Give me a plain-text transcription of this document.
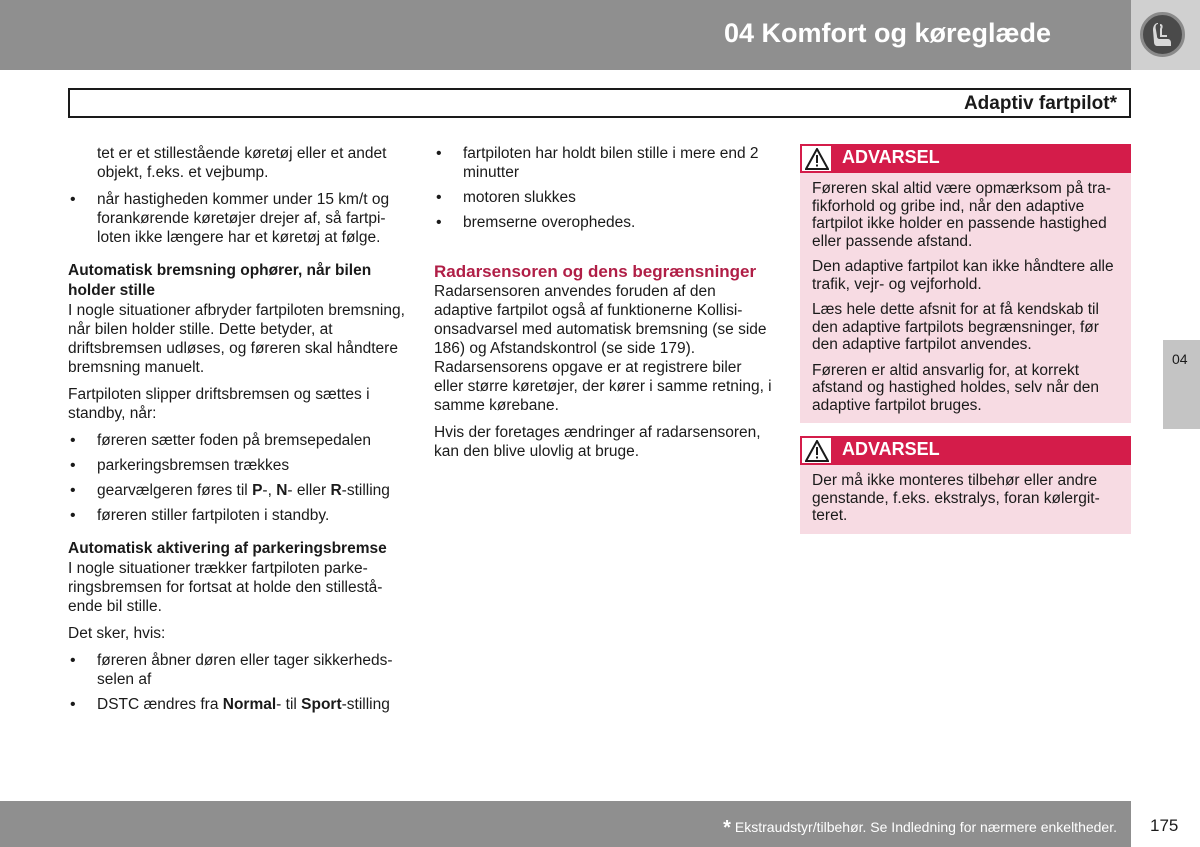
04 Komfort og køreglæde
Adaptiv fartpilot*

tet er et stillestående køretøj eller et andet objekt, f.eks. et vejbump.

• når hastigheden kommer under 15 km/t og forankørende køretøjer drejer af, så fartpiloten ikke længere har et køretøj at følge.
Automatisk bremsning ophører, når bilen holder stille

I nogle situationer afbryder fartpiloten bremsning, når bilen holder stille. Dette betyder, at driftsbremsen udløses, og føreren skal håndtere bremsning manuelt.

Fartpiloten slipper driftsbremsen og sættes i standby, når:

• føreren sætter foden på bremsepedalen
• parkeringsbremsen trækkes
• gearvælgeren føres til P-, N- eller R-stilling
• føreren stiller fartpiloten i standby.
Automatisk aktivering af parkeringsbremse

I nogle situationer trækker fartpiloten parkeringsbremsen for fortsat at holde den stillestående bil stille.

Det sker, hvis:

• føreren åbner døren eller tager sikkerhedsselen af
• DSTC ændres fra Normal- til Sport-stilling
• fartpiloten har holdt bilen stille i mere end 2 minutter
• motoren slukkes
• bremserne overophedes.
Radarsensoren og dens begrænsninger

Radarsensoren anvendes foruden af den adaptive fartpilot også af funktionerne Kollisionsadvarsel med automatisk bremsning (se side 186) og Afstandskontrol (se side 179). Radarsensorens opgave er at registrere biler eller større køretøjer, der kører i samme retning, i samme kørebane.

Hvis der foretages ændringer af radarsensoren, kan den blive ulovlig at bruge.

ADVARSEL

Føreren skal altid være opmærksom på trafikforhold og gribe ind, når den adaptive fartpilot ikke holder en passende hastighed eller passende afstand.

Den adaptive fartpilot kan ikke håndtere alle trafik, vejr- og vejforhold.

Læs hele dette afsnit for at få kendskab til den adaptive fartpilots begrænsninger, før den adaptive fartpilot anvendes.

Føreren er altid ansvarlig for, at korrekt afstand og hastighed holdes, selv når den adaptive fartpilot bruges.

ADVARSEL

Der må ikke monteres tilbehør eller andre genstande, f.eks. ekstralys, foran kølergitteret.

04
* Ekstraudstyr/tilbehør. Se Indledning for nærmere enkeltheder. 175
